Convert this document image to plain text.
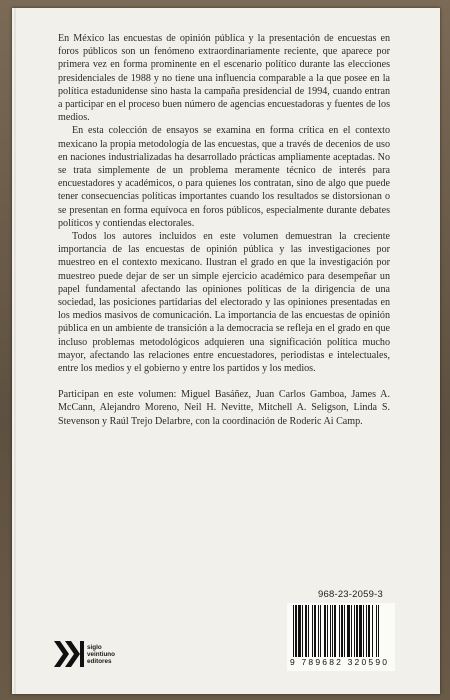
En México las encuestas de opinión pública y la presentación de encuestas en foros públicos son un fenómeno extraordinariamente reciente, que aparece por primera vez en forma prominente en el escenario político durante las elecciones presidenciales de 1988 y no tiene una influencia comparable a la que posee en la política estadunidense sino hasta la campaña presidencial de 1994, cuando entran a participar en el proceso buen número de agencias encuestadoras y fuentes de los medios.

En esta colección de ensayos se examina en forma crítica en el contexto mexicano la propia metodología de las encuestas, que a través de decenios de uso en naciones industrializadas ha desarrollado prácticas ampliamente aceptadas. No se trata simplemente de un problema meramente técnico de interés para encuestadores y académicos, o para quienes los contratan, sino de algo que puede tener consecuencias políticas importantes cuando los resultados se distorsionan o se presentan en forma equívoca en foros públicos, especialmente durante debates políticos y contiendas electorales.

Todos los autores incluidos en este volumen demuestran la creciente importancia de las encuestas de opinión pública y las investigaciones por muestreo en el contexto mexicano. Ilustran el grado en que la investigación por muestreo puede dejar de ser un simple ejercicio académico para desempeñar un papel fundamental afectando las opiniones políticas de la dirigencia de una sociedad, las posiciones partidarias del electorado y las opiniones presentadas en los medios masivos de comunicación. La importancia de las encuestas de opinión pública en un ambiente de transición a la democracia se refleja en el grado en que incluso problemas metodológicos adquieren una significación política mucho mayor, afectando las relaciones entre encuestadores, periodistas e intelectuales, entre los medios y el gobierno y entre los partidos y los medios.

Participan en este volumen: Miguel Basáñez, Juan Carlos Gamboa, James A. McCann, Alejandro Moreno, Neil H. Nevitte, Mitchell A. Seligson, Linda S. Stevenson y Raúl Trejo Delarbre, con la coordinación de Roderic Ai Camp.

968-23-2059-3
9 789682 320590
siglo
veintiuno
editores
